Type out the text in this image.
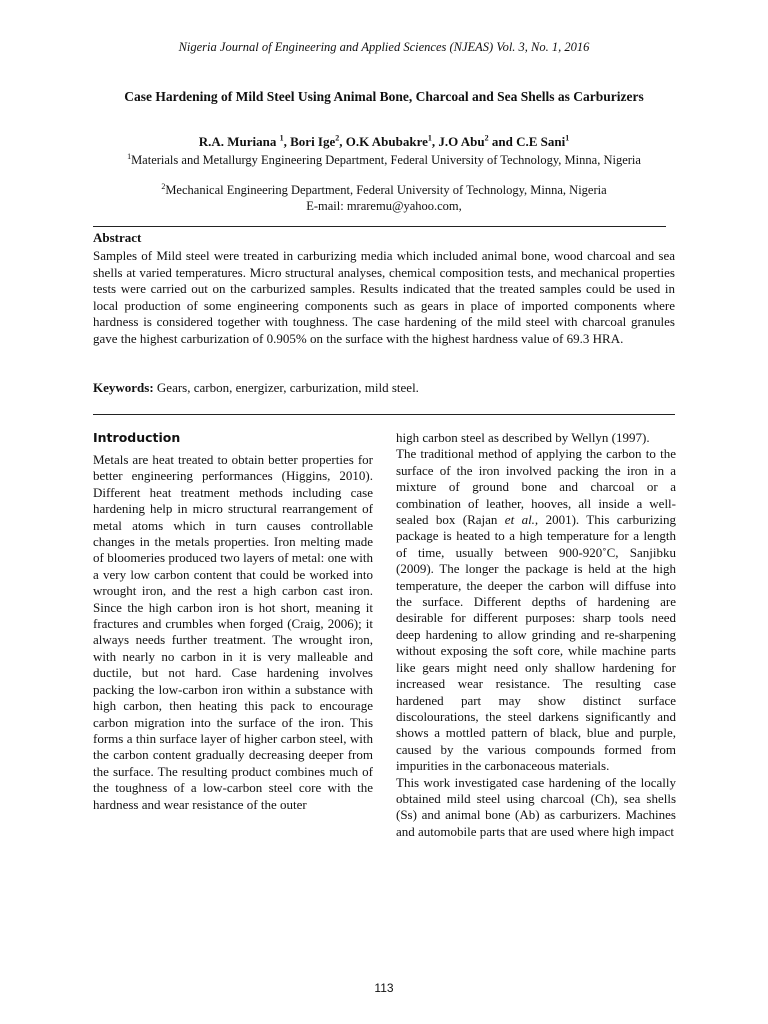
Nigeria Journal of Engineering and Applied Sciences (NJEAS) Vol. 3, No. 1, 2016
Case Hardening of Mild Steel Using Animal Bone, Charcoal and Sea Shells as Carburizers
R.A. Muriana $^1$, Bori Ige$^2$, O.K Abubakre$^1$, J.O Abu$^2$ and C.E Sani$^1$
$^1$Materials and Metallurgy Engineering Department, Federal University of Technology, Minna, Nigeria
$^2$Mechanical Engineering Department, Federal University of Technology, Minna, Nigeria
E-mail: mraremu@yahoo.com,
Abstract

Samples of Mild steel were treated in carburizing media which included animal bone, wood charcoal and sea shells at varied temperatures. Micro structural analyses, chemical composition tests, and mechanical properties tests were carried out on the carburized samples. Results indicated that the treated samples could be used in local production of some engineering components such as gears in place of imported components where hardness is considered together with toughness. The case hardening of the mild steel with charcoal granules gave the highest carburization of 0.905% on the surface with the highest hardness value of 69.3 HRA.

Keywords: Gears, carbon, energizer, carburization, mild steel.
Introduction

Metals are heat treated to obtain better properties for better engineering performances (Higgins, 2010). Different heat treatment methods including case hardening help in micro structural rearrangement of metal atoms which in turn causes controllable changes in the metals properties. Iron melting made of bloomeries produced two layers of metal: one with a very low carbon content that could be worked into wrought iron, and the rest a high carbon cast iron. Since the high carbon iron is hot short, meaning it fractures and crumbles when forged (Craig, 2006); it always needs further treatment. The wrought iron, with nearly no carbon in it is very malleable and ductile, but not hard. Case hardening involves packing the low-carbon iron within a substance with high carbon, then heating this pack to encourage carbon migration into the surface of the iron. This forms a thin surface layer of higher carbon steel, with the carbon content gradually decreasing deeper from the surface. The resulting product combines much of the toughness of a low-carbon steel core with the hardness and wear resistance of the outer

high carbon steel as described by Wellyn (1997).

The traditional method of applying the carbon to the surface of the iron involved packing the iron in a mixture of ground bone and charcoal or a combination of leather, hooves, all inside a well-sealed box (Rajan et al., 2001). This carburizing package is heated to a high temperature for a length of time, usually between 900-920˚C, Sanjibku (2009). The longer the package is held at the high temperature, the deeper the carbon will diffuse into the surface. Different depths of hardening are desirable for different purposes: sharp tools need deep hardening to allow grinding and re-sharpening without exposing the soft core, while machine parts like gears might need only shallow hardening for increased wear resistance. The resulting case hardened part may show distinct surface discolourations, the steel darkens significantly and shows a mottled pattern of black, blue and purple, caused by the various compounds formed from impurities in the carbonaceous materials.

This work investigated case hardening of the locally obtained mild steel using charcoal (Ch), sea shells (Ss) and animal bone (Ab) as carburizers. Machines and automobile parts that are used where high impact

113
